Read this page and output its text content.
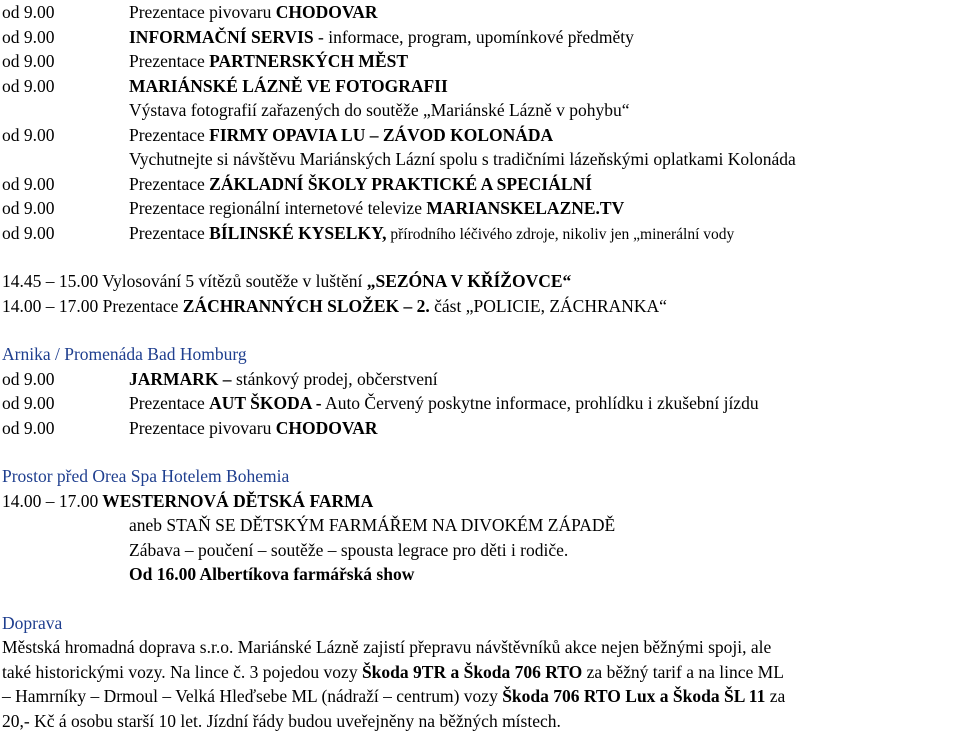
od 9.00	Prezentace pivovaru CHODOVAR
od 9.00	INFORMAČNÍ SERVIS - informace, program, upomínkové předměty
od 9.00	Prezentace PARTNERSKÝCH MĚST
od 9.00	MARIÁNSKÉ LÁZNĚ VE FOTOGRAFII
Výstava fotografií zařazených do soutěže „Mariánské Lázně v pohybu“
od 9.00	Prezentace FIRMY OPAVIA LU – ZÁVOD KOLONÁDA
Vychutnejte si návštěvu Mariánských Lázní spolu s tradičními lázeňskými oplatkami Kolonáda
od 9.00	Prezentace ZÁKLADNÍ ŠKOLY PRAKTICKÉ A SPECIÁLNÍ
od 9.00	Prezentace regionální internetové televize MARIANSKELAZNE.TV
od 9.00	Prezentace BÍLINSKÉ KYSELKY, přírodního léčivého zdroje, nikoliv jen „minerální vody
14.45 – 15.00 Vylosování 5 vítězů soutěže v luštění „SEZÓNA V KŘÍŽOVCE“
14.00 – 17.00 Prezentace ZÁCHRANNÝCH SLOŽEK – 2. část „POLICIE, ZÁCHRANKA“
Arnika / Promenáda Bad Homburg
od 9.00	JARMARK – stánkový prodej, občerstvení
od 9.00	Prezentace AUT ŠKODA - Auto Červený poskytne informace, prohlídku i zkušební jízdu
od 9.00	Prezentace pivovaru CHODOVAR
Prostor před Orea Spa Hotelem Bohemia
14.00 – 17.00 WESTERNOVÁ DĚTSKÁ FARMA
aneb STAŇ SE DĚTSKÝM FARMÁŘEM NA DIVOKÉM ZÁPADĚ
Zábava – poučení – soutěže – spousta legrace pro děti i rodiče.
Od 16.00 Albertíkova farmářská show
Doprava
Městská hromadná doprava s.r.o. Mariánské Lázně zajistí přepravu návštěvníků akce nejen běžnými spoji, ale
také historickými vozy. Na lince č. 3 pojedou vozy Škoda 9TR a Škoda 706 RTO za běžný tarif a na lince ML
– Hamrníky – Drmoul – Velká Hleďsebe ML (nádraží – centrum) vozy Škoda 706 RTO Lux a Škoda ŠL 11 za
20,- Kč á osobu starší 10 let. Jízdní řády budou uveřejněny na běžných místech.
